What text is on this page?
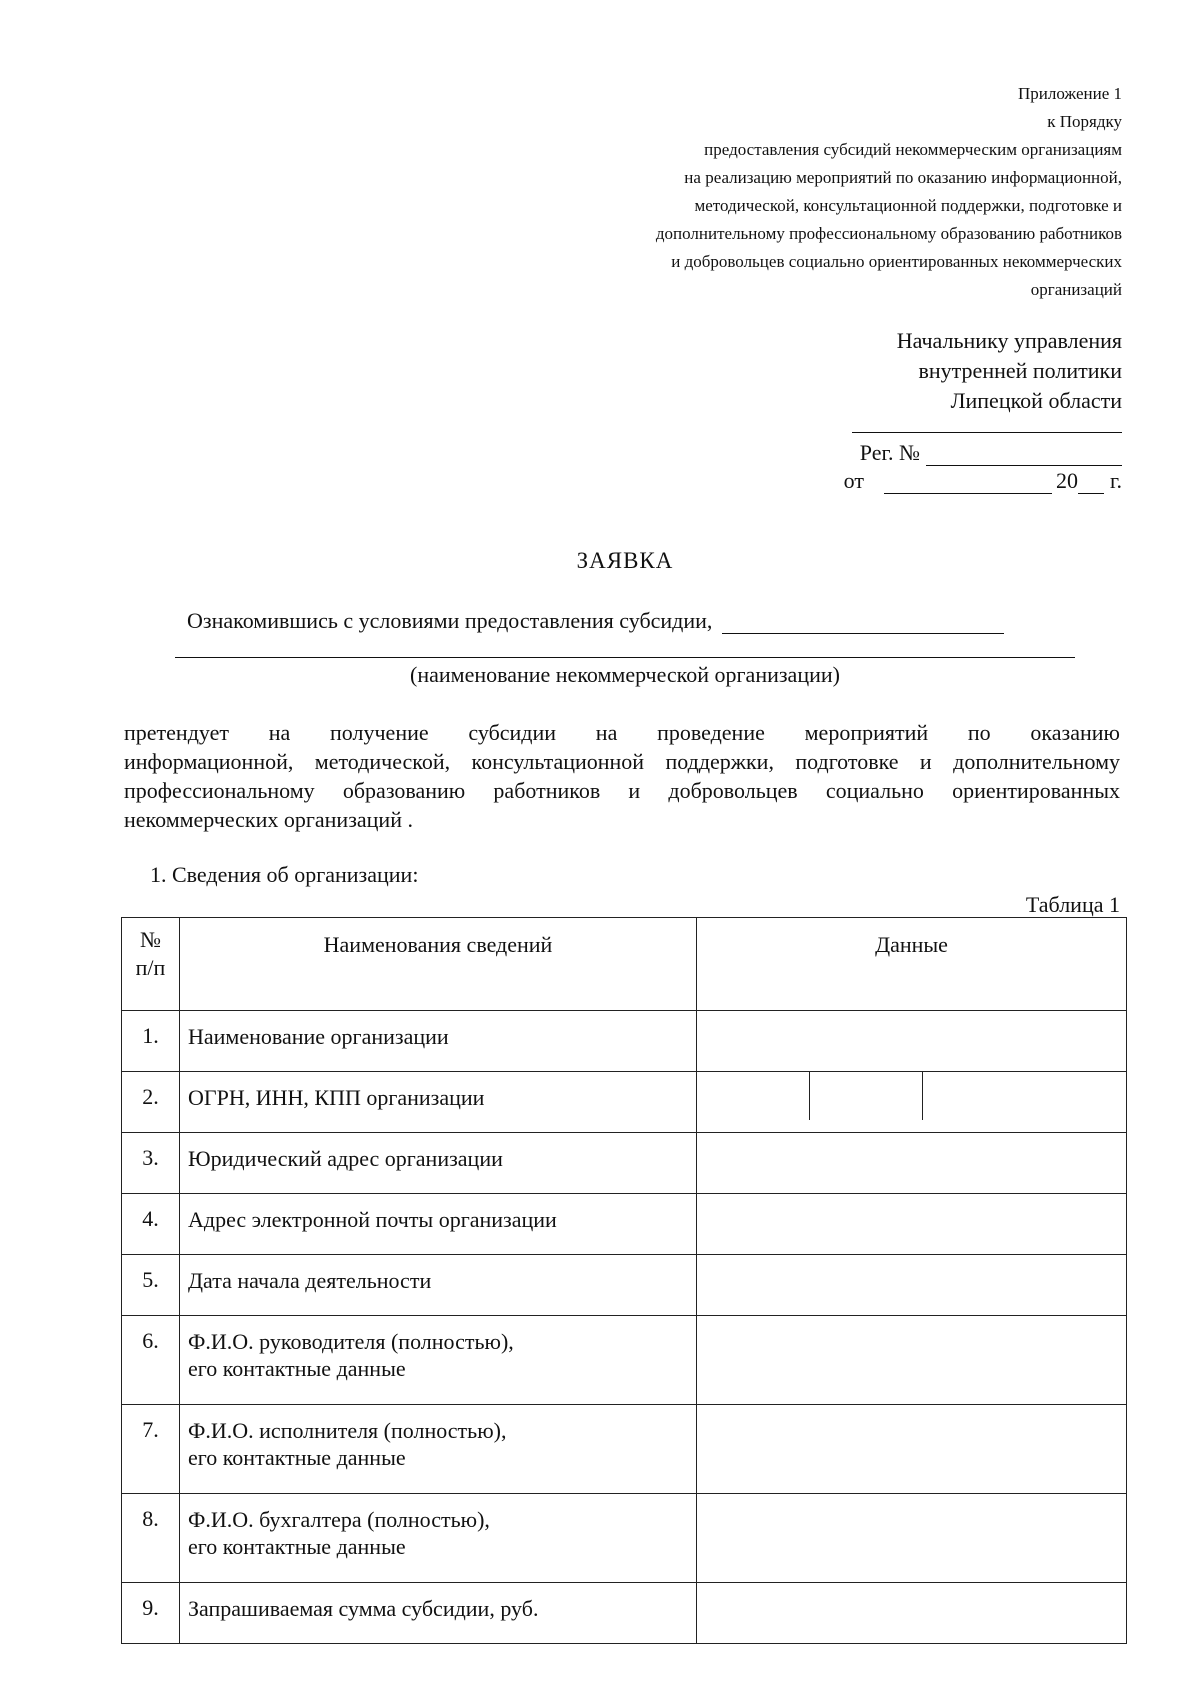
Приложение 1
к Порядку
предоставления субсидий некоммерческим организациям
на реализацию мероприятий по оказанию информационной,
методической, консультационной поддержки, подготовке и
дополнительному профессиональному образованию работников
и добровольцев социально ориентированных некоммерческих
организаций
Начальнику управления
внутренней политики
Липецкой области
Рег. №
от	20 г.
ЗАЯВКА
Ознакомившись с условиями предоставления субсидии,
(наименование некоммерческой организации)
претендует на получение субсидии на проведение мероприятий по оказанию
информационной, методической, консультационной поддержки, подготовке и дополнительному
профессиональному образованию работников и добровольцев социально ориентированных
некоммерческих организаций .
1. Сведения об организации:
Таблица 1
№
п/п	Наименования сведений	Данные
1.	Наименование организации	
2.	ОГРН, ИНН, КПП организации	

3.	Юридический адрес организации	
4.	Адрес электронной почты организации	
5.	Дата начала деятельности	
6.	Ф.И.О. руководителя (полностью),
его контактные данные	

7.	Ф.И.О. исполнителя (полностью),
его контактные данные	

8.	Ф.И.О. бухгалтера (полностью),
его контактные данные	

9.	Запрашиваемая сумма субсидии, руб.	
